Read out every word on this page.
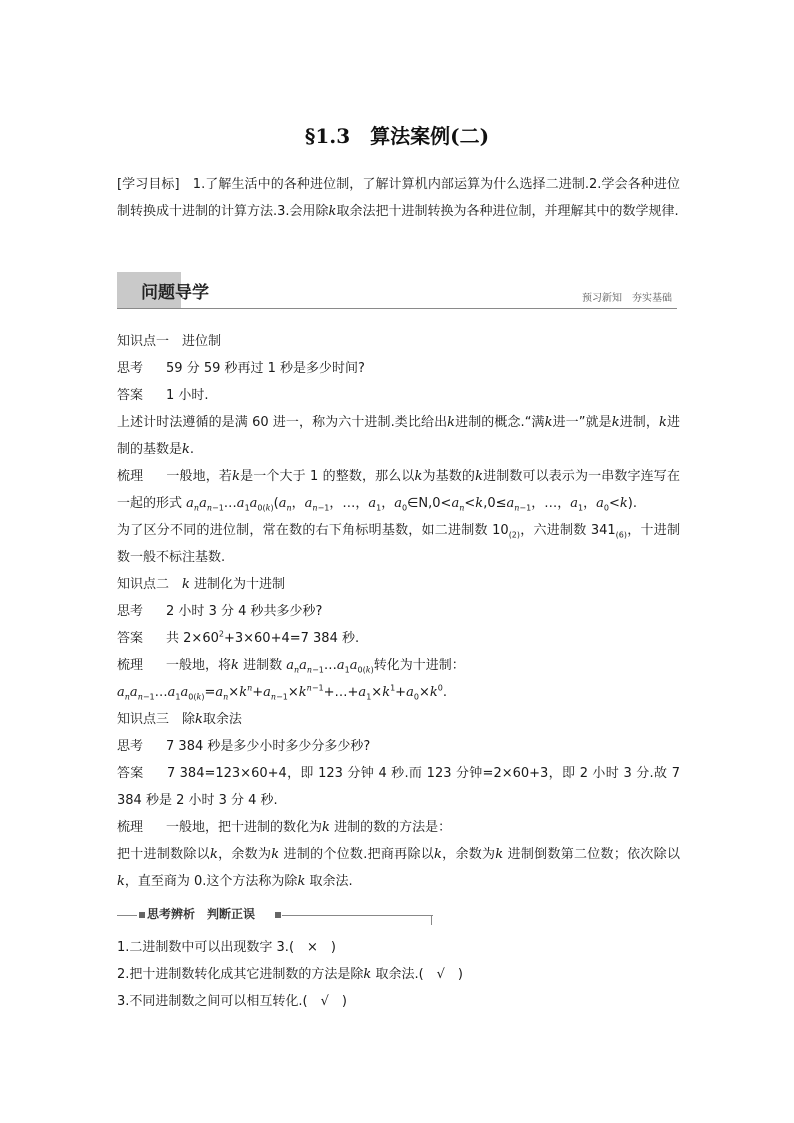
§1.3　算法案例(二)
[学习目标]　 1.了解生活中的各种进位制，了解计算机内部运算为什么选择二进制.2.学会各种进位制转换成十进制的计算方法.3.会用除k取余法把十进制转换为各种进位制，并理解其中的数学规律.
问题导学	预习新知　夯实基础

知识点一　进位制

思考　 59 分 59 秒再过 1 秒是多少时间?

答案　 1 小时.

上述计时法遵循的是满 60 进一，称为六十进制.类比给出k进制的概念.“满k进一”就是k进制，k进制的基数是k.

梳理　 一般地，若k是一个大于 1 的整数，那么以k为基数的k进制数可以表示为一串数字连写在一起的形式 $a_na_{n-1}\dots a_1a_{0(k)}(a_n$，$a_{n-1}$，…，$a_1$，$a_0\in N,0<a_n<k,0\le a_{n-1}$，…，$a_1$，$a_0<k$).

为了区分不同的进位制，常在数的右下角标明基数，如二进制数 $10_{(2)}$，六进制数 $341_{(6)}$，十进制数一般不标注基数.

知识点二　k 进制化为十进制

思考　 2 小时 3 分 4 秒共多少秒?

答案　 共 $2\times 60^2+3\times 60+4=7$ 384 秒.

梳理　 一般地，将k 进制数 $a_na_{n-1}\dots a_1a_{0(k)}$转化为十进制：

$a_na_{n-1}\dots a_1a_{0(k)}=a_n\times k^n+a_{n-1}\times k^{n-1}+\dots+a_1\times k^1+a_0\times k^0$.

知识点三　除k取余法

思考　 7 384 秒是多少小时多少分多少秒?

答案　 7 384=123×60+4，即 123 分钟 4 秒.而 123 分钟=2×60+3，即 2 小时 3 分.故 7 384 秒是 2 小时 3 分 4 秒.

梳理　 一般地，把十进制的数化为k 进制的数的方法是：

把十进制数除以k，余数为k 进制的个位数.把商再除以k，余数为k 进制倒数第二位数；依次除以k，直至商为 0.这个方法称为除k 取余法.

思考辨析　判断正误

1.二进制数中可以出现数字 3.(　×　)

2.把十进制数转化成其它进制数的方法是除k 取余法.(　√　)

3.不同进制数之间可以相互转化.(　√　)
